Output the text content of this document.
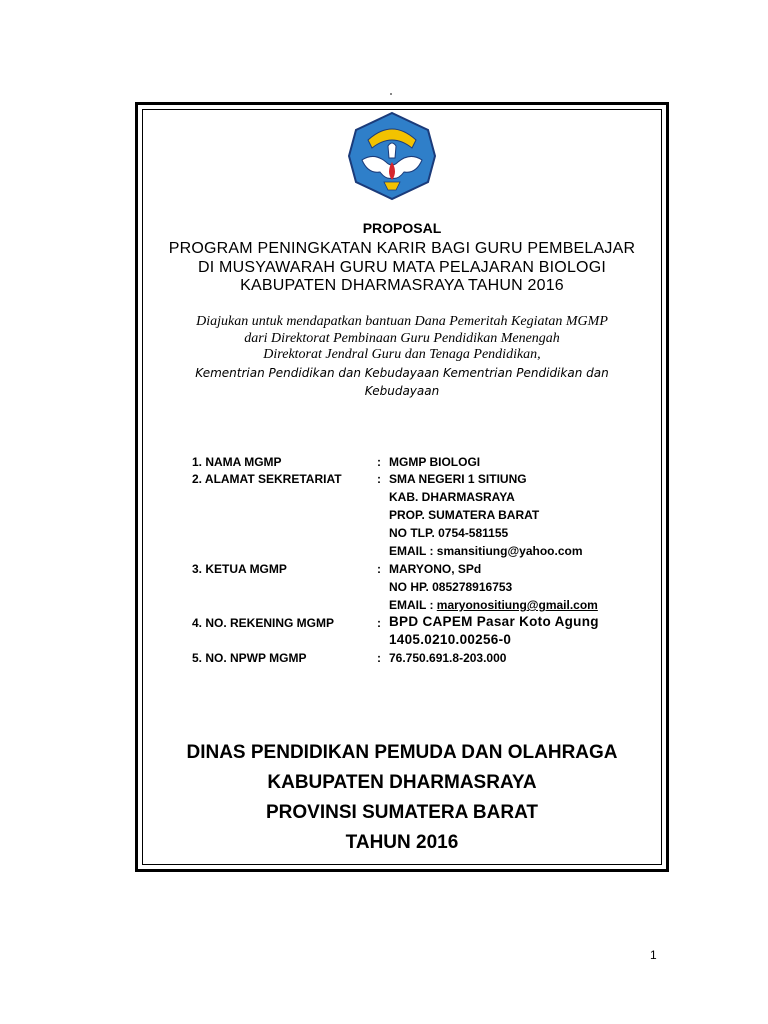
PROPOSAL
PROGRAM PENINGKATAN KARIR BAGI GURU PEMBELAJAR
DI MUSYAWARAH GURU MATA PELAJARAN BIOLOGI
KABUPATEN DHARMASRAYA TAHUN 2016
Diajukan untuk mendapatkan bantuan Dana Pemeritah Kegiatan MGMP
dari Direktorat Pembinaan Guru Pendidikan Menengah
Direktorat Jendral Guru dan Tenaga Pendidikan,
Kementrian Pendidikan dan Kebudayaan Kementrian Pendidikan dan
Kebudayaan
1. NAMA MGMP	: MGMP BIOLOGI
2. ALAMAT SEKRETARIAT	: SMA NEGERI 1 SITIUNG
KAB. DHARMASRAYA
PROP. SUMATERA BARAT
NO TLP. 0754-581155
EMAIL : smansitiung@yahoo.com
3. KETUA MGMP	: MARYONO, SPd
NO HP. 085278916753
EMAIL : maryonositiung@gmail.com
4. NO. REKENING MGMP	: BPD CAPEM Pasar Koto Agung
1405.0210.00256-0
5. NO. NPWP MGMP	: 76.750.691.8-203.000
DINAS PENDIDIKAN PEMUDA DAN OLAHRAGA
KABUPATEN DHARMASRAYA
PROVINSI SUMATERA BARAT
TAHUN 2016
1
